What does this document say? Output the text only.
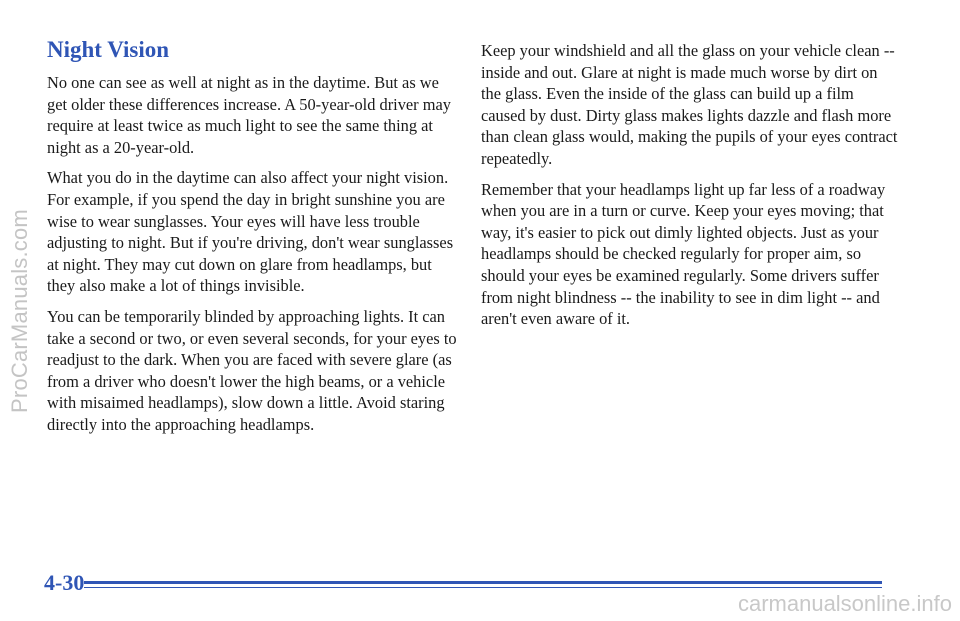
ProCarManuals.com
Night Vision

No one can see as well at night as in the daytime. But as we get older these differences increase. A 50-year-old driver may require at least twice as much light to see the same thing at night as a 20-year-old.

What you do in the daytime can also affect your night vision. For example, if you spend the day in bright sunshine you are wise to wear sunglasses. Your eyes will have less trouble adjusting to night. But if you're driving, don't wear sunglasses at night. They may cut down on glare from headlamps, but they also make a lot of things invisible.

You can be temporarily blinded by approaching lights. It can take a second or two, or even several seconds, for your eyes to readjust to the dark. When you are faced with severe glare (as from a driver who doesn't lower the high beams, or a vehicle with misaimed headlamps), slow down a little. Avoid staring directly into the approaching headlamps.

Keep your windshield and all the glass on your vehicle clean -- inside and out. Glare at night is made much worse by dirt on the glass. Even the inside of the glass can build up a film caused by dust. Dirty glass makes lights dazzle and flash more than clean glass would, making the pupils of your eyes contract repeatedly.

Remember that your headlamps light up far less of a roadway when you are in a turn or curve. Keep your eyes moving; that way, it's easier to pick out dimly lighted objects. Just as your headlamps should be checked regularly for proper aim, so should your eyes be examined regularly. Some drivers suffer from night blindness -- the inability to see in dim light -- and aren't even aware of it.

4-30
carmanualsonline.info
